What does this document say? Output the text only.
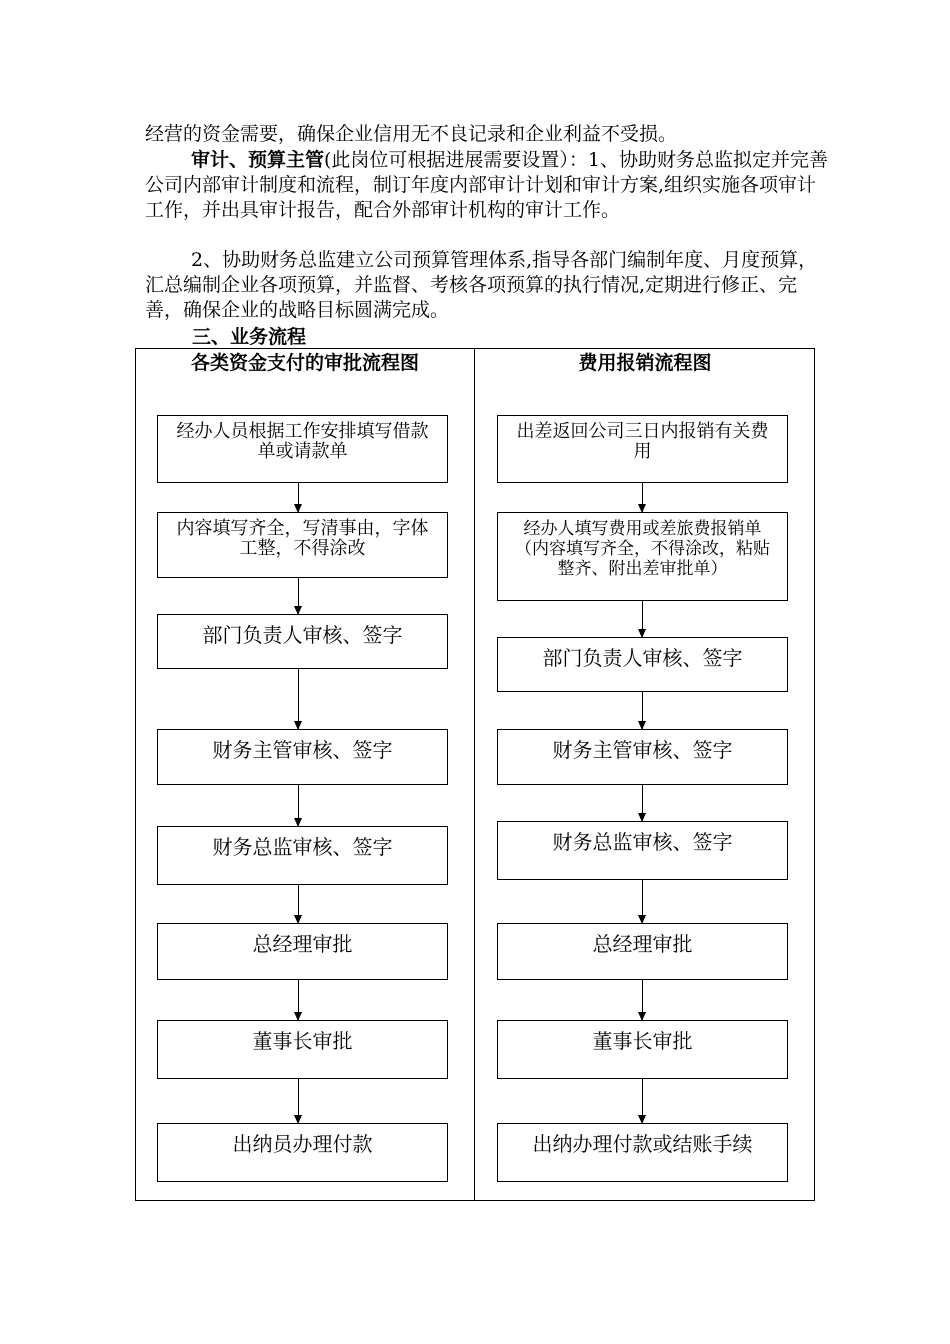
经营的资金需要，确保企业信用无不良记录和企业利益不受损。

审计、预算主管(此岗位可根据进展需要设置）：1、协助财务总监拟定并完善公司内部审计制度和流程，制订年度内部审计计划和审计方案,组织实施各项审计工作，并出具审计报告，配合外部审计机构的审计工作。

2、协助财务总监建立公司预算管理体系,指导各部门编制年度、月度预算，汇总编制企业各项预算，并监督、考核各项预算的执行情况,定期进行修正、完善，确保企业的战略目标圆满完成。

三、业务流程
各类资金支付的审批流程图	费用报销流程图
经办人员根据工作安排填写借款单或请款单
内容填写齐全，写清事由，字体工整，不得涂改
部门负责人审核、签字
财务主管审核、签字
财务总监审核、签字
总经理审批
董事长审批
出纳员办理付款
出差返回公司三日内报销有关费用
经办人填写费用或差旅费报销单（内容填写齐全，不得涂改，粘贴整齐、附出差审批单）
部门负责人审核、签字
财务主管审核、签字
财务总监审核、签字
总经理审批
董事长审批
出纳办理付款或结账手续
